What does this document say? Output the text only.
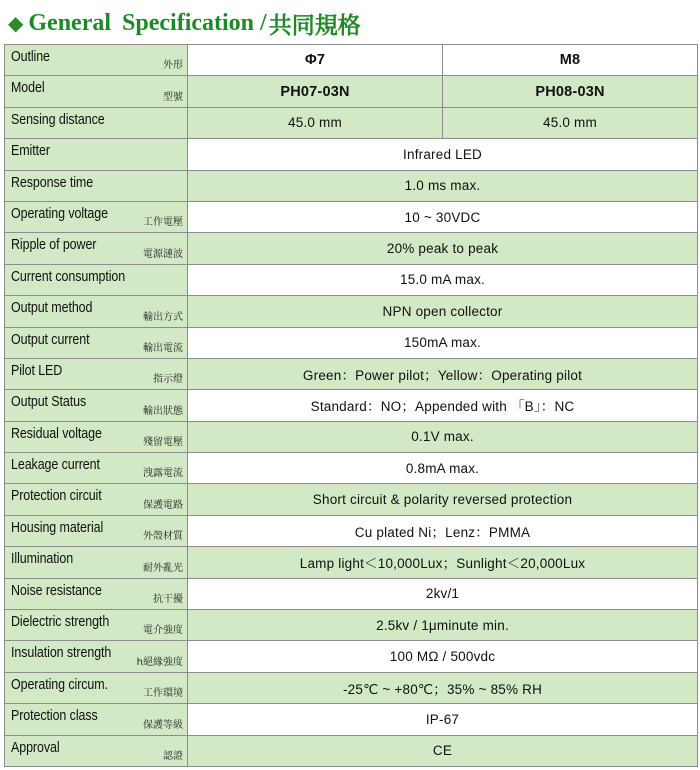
◆ General Specification / 共同規格
Outline
外形	Φ7	M8

Model
型號	PH07-03N	PH08-03N

Sensing distance	45.0 mm	45.0 mm

Emitter	Infrared LED	

Response time	1.0 ms max.	

Operating voltage
工作電壓	10 ~ 30VDC	

Ripple of power
電源漣波	20% peak to peak	

Current consumption	15.0 mA max.	

Output method
輸出方式	NPN open collector	

Output current
輸出電流	150mA max.	

Pilot LED
指示燈	Green：Power pilot；Yellow：Operating pilot	

Output Status
輸出狀態	Standard：NO；Appended with 「B」：NC	

Residual voltage
殘留電壓	0.1V max.	

Leakage current
洩露電流	0.8mA max.	

Protection circuit
保護電路	Short circuit & polarity reversed protection	

Housing material
外殼材質	Cu plated Ni；Lenz：PMMA	

Illumination
耐外亂光	Lamp light＜10,000Lux；Sunlight＜20,000Lux	

Noise resistance
抗干擾	2kv/1	

Dielectric strength
電介強度	2.5kv / 1μminute min.	

Insulation strength
h絕緣強度	100 MΩ / 500vdc	

Operating circum.
工作環境	-25℃ ~ +80℃；35% ~ 85% RH	

Protection class
保護等級	IP-67	

Approval
認證	CE	
